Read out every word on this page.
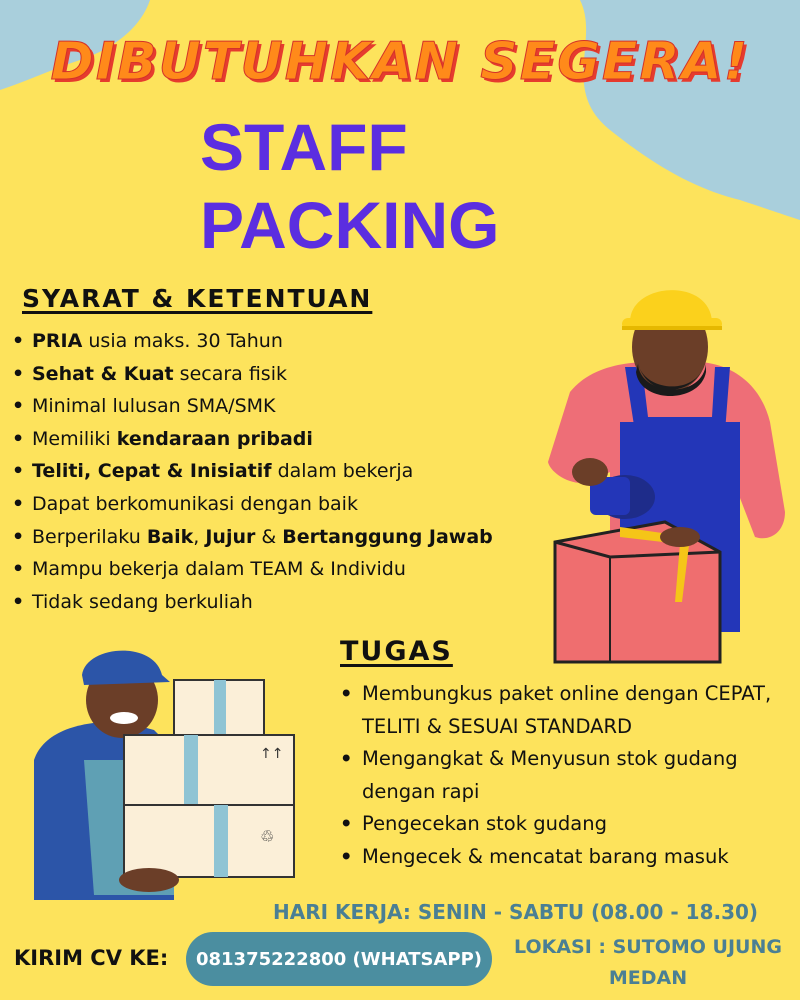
DIBUTUHKAN SEGERA!
STAFF
PACKING
SYARAT & KETENTUAN
• PRIA usia maks. 30 Tahun
• Sehat & Kuat secara fisik
• Minimal lulusan SMA/SMK
• Memiliki kendaraan pribadi
• Teliti, Cepat & Inisiatif dalam bekerja
• Dapat berkomunikasi dengan baik
• Berperilaku Baik, Jujur & Bertanggung Jawab
• Mampu bekerja dalam TEAM & Individu
• Tidak sedang berkuliah
TUGAS
• Membungkus paket online dengan CEPAT, TELITI & SESUAI STANDARD
• Mengangkat & Menyusun stok gudang dengan rapi
• Pengecekan stok gudang
• Mengecek & mencatat barang masuk
↑↑
♲
HARI KERJA: SENIN - SABTU (08.00 - 18.30)
KIRIM CV KE:	081375222800 (WHATSAPP)
LOKASI : SUTOMO UJUNG
MEDAN
